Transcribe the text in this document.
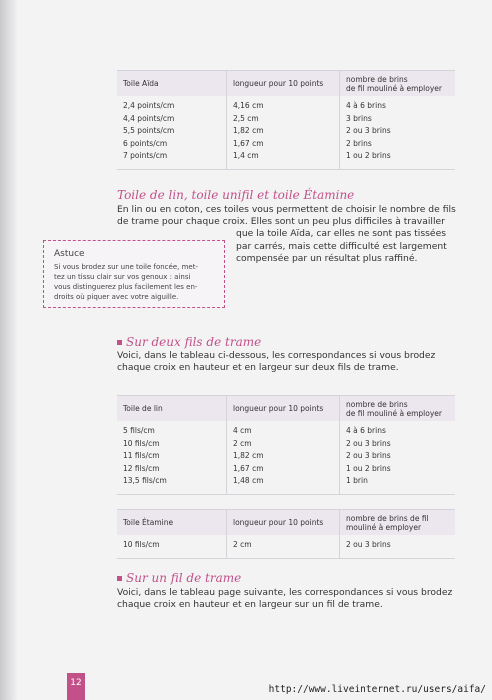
Toile Aïda	longueur pour 10 points	nombre de brins
de fil mouliné à employer

2,4 points/cm	4,16 cm	4 à 6 brins
4,4 points/cm	2,5 cm	3 brins
5,5 points/cm	1,82 cm	2 ou 3 brins
6 points/cm	1,67 cm	2 brins
7 points/cm	1,4 cm	1 ou 2 brins

Toile de lin, toile unifil et toile Étamine
En lin ou en coton, ces toiles vous permettent de choisir le nombre de fils
de trame pour chaque croix. Elles sont un peu plus difficiles à travailler
que la toile Aïda, car elles ne sont pas tissées
par carrés, mais cette difficulté est largement
compensée par un résultat plus raffiné.
Astuce
Si vous brodez sur une toile foncée, met-
tez un tissu clair sur vos genoux : ainsi
vous distinguerez plus facilement les en-
droits où piquer avec votre aiguille.
Sur deux fils de trame
Voici, dans le tableau ci-dessous, les correspondances si vous brodez
chaque croix en hauteur et en largeur sur deux fils de trame.
Toile de lin	longueur pour 10 points	nombre de brins
de fil mouliné à employer

5 fils/cm	4 cm	4 à 6 brins
10 fils/cm	2 cm	2 ou 3 brins
11 fils/cm	1,82 cm	2 ou 3 brins
12 fils/cm	1,67 cm	1 ou 2 brins
13,5 fils/cm	1,48 cm	1 brin

Toile Étamine	longueur pour 10 points	nombre de brins de fil
mouliné à employer

10 fils/cm	2 cm	2 ou 3 brins

Sur un fil de trame
Voici, dans le tableau page suivante, les correspondances si vous brodez
chaque croix en hauteur et en largeur sur un fil de trame.
12
http://www.liveinternet.ru/users/aifa/
